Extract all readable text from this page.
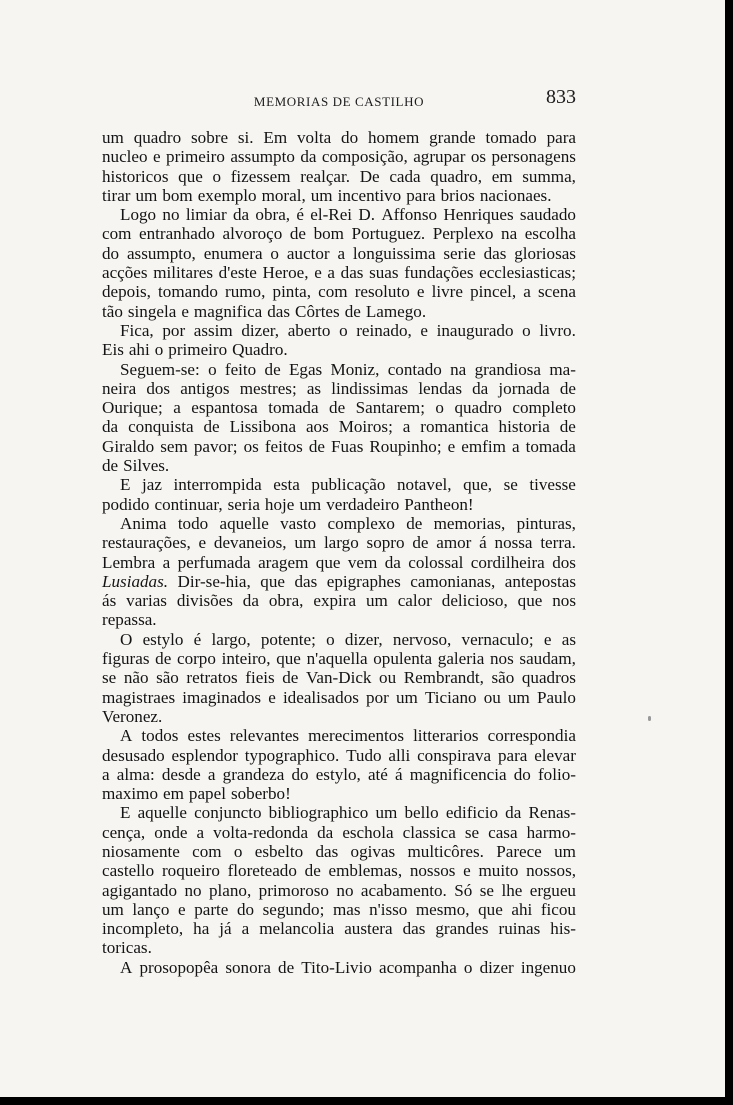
MEMORIAS DE CASTILHO	833
um quadro sobre si. Em volta do homem grande tomado para
nucleo e primeiro assumpto da composição, agrupar os personagens
historicos que o fizessem realçar. De cada quadro, em summa,
tirar um bom exemplo moral, um incentivo para brios nacionaes.
Logo no limiar da obra, é el-Rei D. Affonso Henriques saudado
com entranhado alvoroço de bom Portuguez. Perplexo na escolha
do assumpto, enumera o auctor a longuissima serie das gloriosas
acções militares d'este Heroe, e a das suas fundações ecclesiasticas;
depois, tomando rumo, pinta, com resoluto e livre pincel, a scena
tão singela e magnifica das Côrtes de Lamego.
Fica, por assim dizer, aberto o reinado, e inaugurado o livro.
Eis ahi o primeiro Quadro.
Seguem-se: o feito de Egas Moniz, contado na grandiosa ma-
neira dos antigos mestres; as lindissimas lendas da jornada de
Ourique; a espantosa tomada de Santarem; o quadro completo
da conquista de Lissibona aos Moiros; a romantica historia de
Giraldo sem pavor; os feitos de Fuas Roupinho; e emfim a tomada
de Silves.
E jaz interrompida esta publicação notavel, que, se tivesse
podido continuar, seria hoje um verdadeiro Pantheon!
Anima todo aquelle vasto complexo de memorias, pinturas,
restaurações, e devaneios, um largo sopro de amor á nossa terra.
Lembra a perfumada aragem que vem da colossal cordilheira dos
Lusiadas. Dir-se-hia, que das epigraphes camonianas, antepostas
ás varias divisões da obra, expira um calor delicioso, que nos
repassa.
O estylo é largo, potente; o dizer, nervoso, vernaculo; e as
figuras de corpo inteiro, que n'aquella opulenta galeria nos saudam,
se não são retratos fieis de Van-Dick ou Rembrandt, são quadros
magistraes imaginados e idealisados por um Ticiano ou um Paulo
Veronez.
A todos estes relevantes merecimentos litterarios correspondia
desusado esplendor typographico. Tudo alli conspirava para elevar
a alma: desde a grandeza do estylo, até á magnificencia do folio-
maximo em papel soberbo!
E aquelle conjuncto bibliographico um bello edificio da Renas-
cença, onde a volta-redonda da eschola classica se casa harmo-
niosamente com o esbelto das ogivas multicôres. Parece um
castello roqueiro floreteado de emblemas, nossos e muito nossos,
agigantado no plano, primoroso no acabamento. Só se lhe ergueu
um lanço e parte do segundo; mas n'isso mesmo, que ahi ficou
incompleto, ha já a melancolia austera das grandes ruinas his-
toricas.
A prosopopêa sonora de Tito-Livio acompanha o dizer ingenuo
